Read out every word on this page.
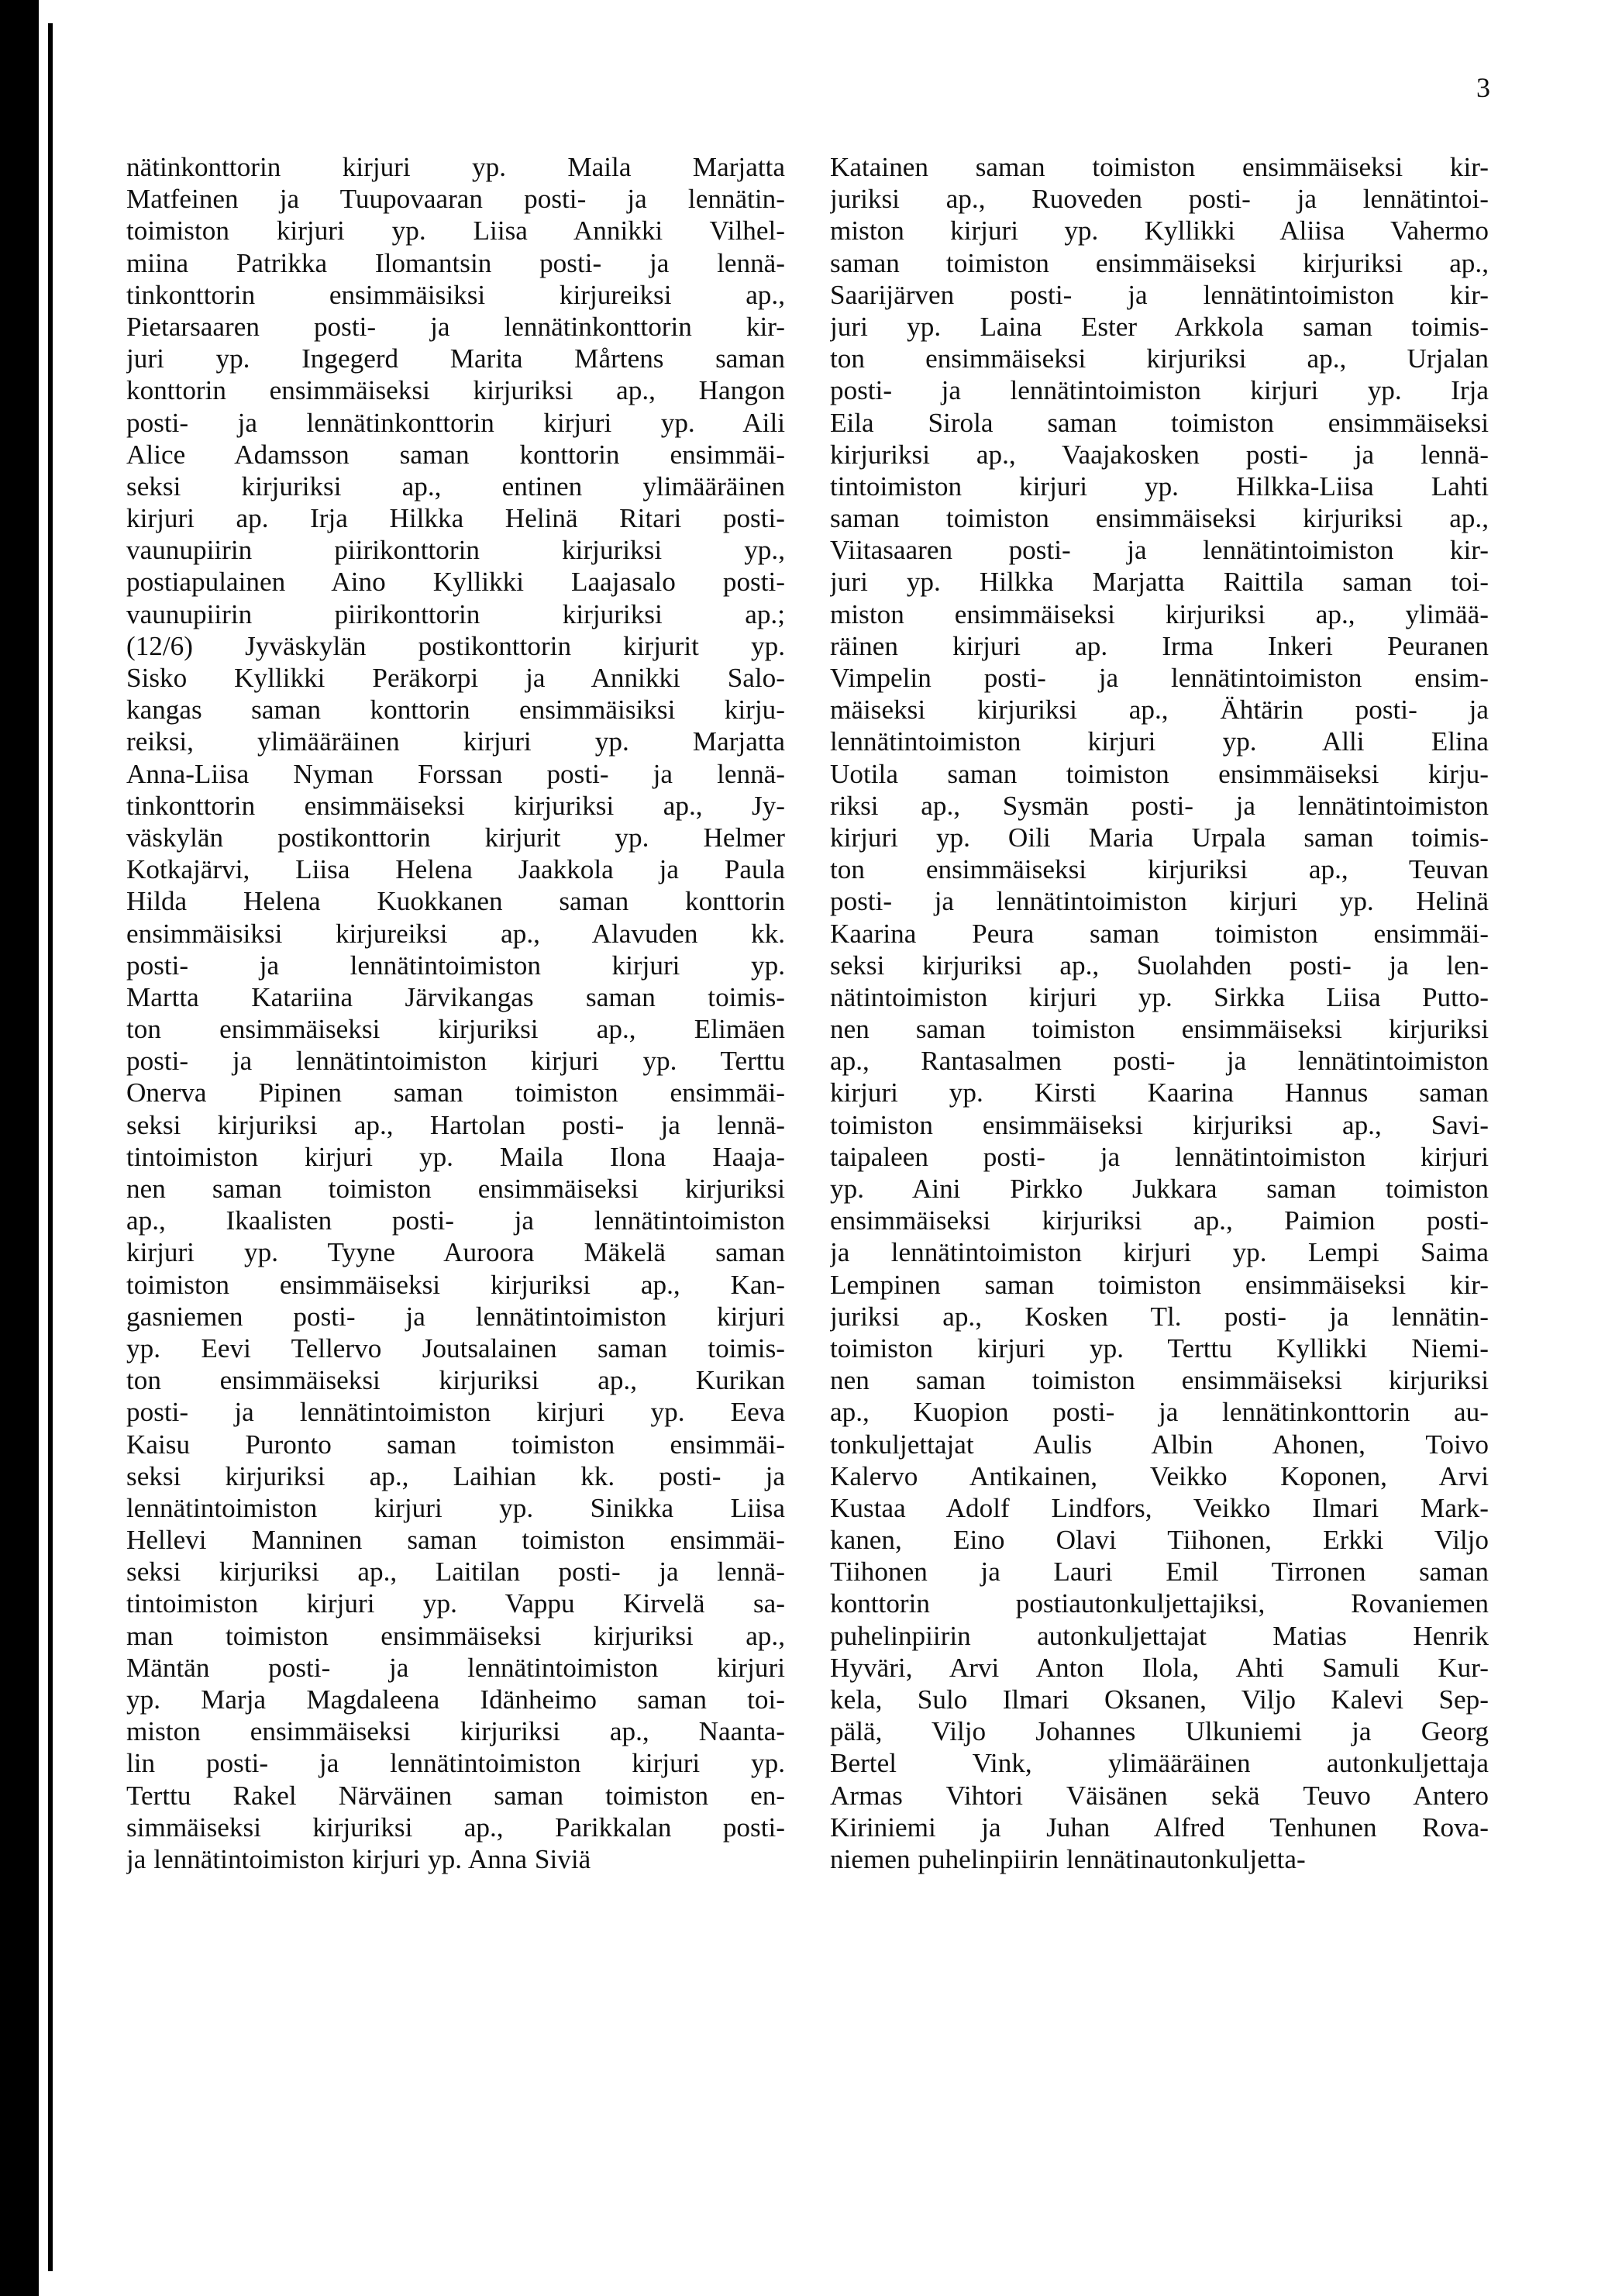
3
nätinkonttorin kirjuri yp. Maila Marjatta
Matfeinen ja Tuupovaaran posti- ja lennätin-
toimiston kirjuri yp. Liisa Annikki Vilhel-
miina Patrikka Ilomantsin posti- ja lennä-
tinkonttorin ensimmäisiksi kirjureiksi ap.,
Pietarsaaren posti- ja lennätinkonttorin kir-
juri yp. Ingegerd Marita Mårtens saman
konttorin ensimmäiseksi kirjuriksi ap., Hangon
posti- ja lennätinkonttorin kirjuri yp. Aili
Alice Adamsson saman konttorin ensimmäi-
seksi kirjuriksi ap., entinen ylimääräinen
kirjuri ap. Irja Hilkka Helinä Ritari posti-
vaunupiirin piirikonttorin kirjuriksi yp.,
postiapulainen Aino Kyllikki Laajasalo posti-
vaunupiirin piirikonttorin kirjuriksi ap.;
(12/6) Jyväskylän postikonttorin kirjurit yp.
Sisko Kyllikki Peräkorpi ja Annikki Salo-
kangas saman konttorin ensimmäisiksi kirju-
reiksi, ylimääräinen kirjuri yp. Marjatta
Anna-Liisa Nyman Forssan posti- ja lennä-
tinkonttorin ensimmäiseksi kirjuriksi ap., Jy-
väskylän postikonttorin kirjurit yp. Helmer
Kotkajärvi, Liisa Helena Jaakkola ja Paula
Hilda Helena Kuokkanen saman konttorin
ensimmäisiksi kirjureiksi ap., Alavuden kk.
posti- ja lennätintoimiston kirjuri yp.
Martta Katariina Järvikangas saman toimis-
ton ensimmäiseksi kirjuriksi ap., Elimäen
posti- ja lennätintoimiston kirjuri yp. Terttu
Onerva Pipinen saman toimiston ensimmäi-
seksi kirjuriksi ap., Hartolan posti- ja lennä-
tintoimiston kirjuri yp. Maila Ilona Haaja-
nen saman toimiston ensimmäiseksi kirjuriksi
ap., Ikaalisten posti- ja lennätintoimiston
kirjuri yp. Tyyne Auroora Mäkelä saman
toimiston ensimmäiseksi kirjuriksi ap., Kan-
gasniemen posti- ja lennätintoimiston kirjuri
yp. Eevi Tellervo Joutsalainen saman toimis-
ton ensimmäiseksi kirjuriksi ap., Kurikan
posti- ja lennätintoimiston kirjuri yp. Eeva
Kaisu Puronto saman toimiston ensimmäi-
seksi kirjuriksi ap., Laihian kk. posti- ja
lennätintoimiston kirjuri yp. Sinikka Liisa
Hellevi Manninen saman toimiston ensimmäi-
seksi kirjuriksi ap., Laitilan posti- ja lennä-
tintoimiston kirjuri yp. Vappu Kirvelä sa-
man toimiston ensimmäiseksi kirjuriksi ap.,
Mäntän posti- ja lennätintoimiston kirjuri
yp. Marja Magdaleena Idänheimo saman toi-
miston ensimmäiseksi kirjuriksi ap., Naanta-
lin posti- ja lennätintoimiston kirjuri yp.
Terttu Rakel Närväinen saman toimiston en-
simmäiseksi kirjuriksi ap., Parikkalan posti-
ja lennätintoimiston kirjuri yp. Anna Siviä
Katainen saman toimiston ensimmäiseksi kir-
juriksi ap., Ruoveden posti- ja lennätintoi-
miston kirjuri yp. Kyllikki Aliisa Vahermo
saman toimiston ensimmäiseksi kirjuriksi ap.,
Saarijärven posti- ja lennätintoimiston kir-
juri yp. Laina Ester Arkkola saman toimis-
ton ensimmäiseksi kirjuriksi ap., Urjalan
posti- ja lennätintoimiston kirjuri yp. Irja
Eila Sirola saman toimiston ensimmäiseksi
kirjuriksi ap., Vaajakosken posti- ja lennä-
tintoimiston kirjuri yp. Hilkka-Liisa Lahti
saman toimiston ensimmäiseksi kirjuriksi ap.,
Viitasaaren posti- ja lennätintoimiston kir-
juri yp. Hilkka Marjatta Raittila saman toi-
miston ensimmäiseksi kirjuriksi ap., ylimää-
räinen kirjuri ap. Irma Inkeri Peuranen
Vimpelin posti- ja lennätintoimiston ensim-
mäiseksi kirjuriksi ap., Ähtärin posti- ja
lennätintoimiston kirjuri yp. Alli Elina
Uotila saman toimiston ensimmäiseksi kirju-
riksi ap., Sysmän posti- ja lennätintoimiston
kirjuri yp. Oili Maria Urpala saman toimis-
ton ensimmäiseksi kirjuriksi ap., Teuvan
posti- ja lennätintoimiston kirjuri yp. Helinä
Kaarina Peura saman toimiston ensimmäi-
seksi kirjuriksi ap., Suolahden posti- ja len-
nätintoimiston kirjuri yp. Sirkka Liisa Putto-
nen saman toimiston ensimmäiseksi kirjuriksi
ap., Rantasalmen posti- ja lennätintoimiston
kirjuri yp. Kirsti Kaarina Hannus saman
toimiston ensimmäiseksi kirjuriksi ap., Savi-
taipaleen posti- ja lennätintoimiston kirjuri
yp. Aini Pirkko Jukkara saman toimiston
ensimmäiseksi kirjuriksi ap., Paimion posti-
ja lennätintoimiston kirjuri yp. Lempi Saima
Lempinen saman toimiston ensimmäiseksi kir-
juriksi ap., Kosken Tl. posti- ja lennätin-
toimiston kirjuri yp. Terttu Kyllikki Niemi-
nen saman toimiston ensimmäiseksi kirjuriksi
ap., Kuopion posti- ja lennätinkonttorin au-
tonkuljettajat Aulis Albin Ahonen, Toivo
Kalervo Antikainen, Veikko Koponen, Arvi
Kustaa Adolf Lindfors, Veikko Ilmari Mark-
kanen, Eino Olavi Tiihonen, Erkki Viljo
Tiihonen ja Lauri Emil Tirronen saman
konttorin postiautonkuljettajiksi, Rovaniemen
puhelinpiirin autonkuljettajat Matias Henrik
Hyväri, Arvi Anton Ilola, Ahti Samuli Kur-
kela, Sulo Ilmari Oksanen, Viljo Kalevi Sep-
pälä, Viljo Johannes Ulkuniemi ja Georg
Bertel Vink, ylimääräinen autonkuljettaja
Armas Vihtori Väisänen sekä Teuvo Antero
Kiriniemi ja Juhan Alfred Tenhunen Rova-
niemen puhelinpiirin lennätinautonkuljetta-
